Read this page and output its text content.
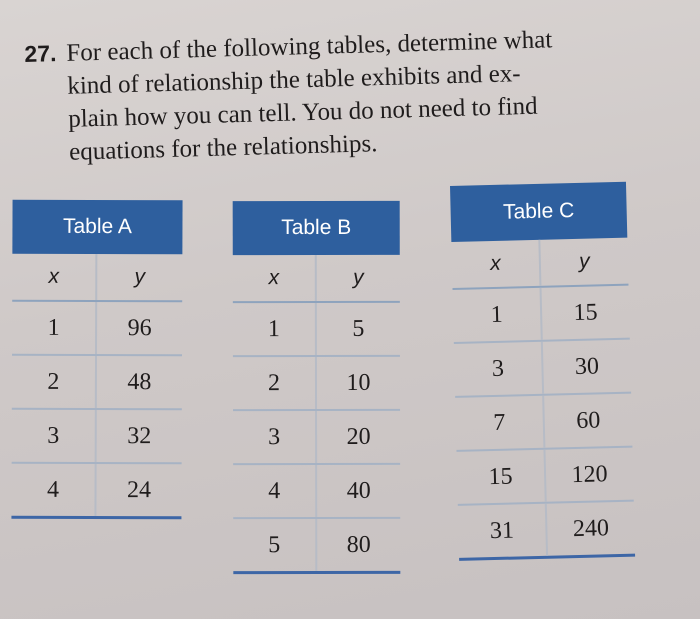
27. For each of the following tables, determine what
kind of relationship the table exhibits and ex-
plain how you can tell. You do not need to find
equations for the relationships.
Table A
x	y
1	96
2	48
3	32
4	24
Table B
x	y
1	5
2	10
3	20
4	40
5	80
Table C
x	y
1	15
3	30
7	60
15	120
31	240
